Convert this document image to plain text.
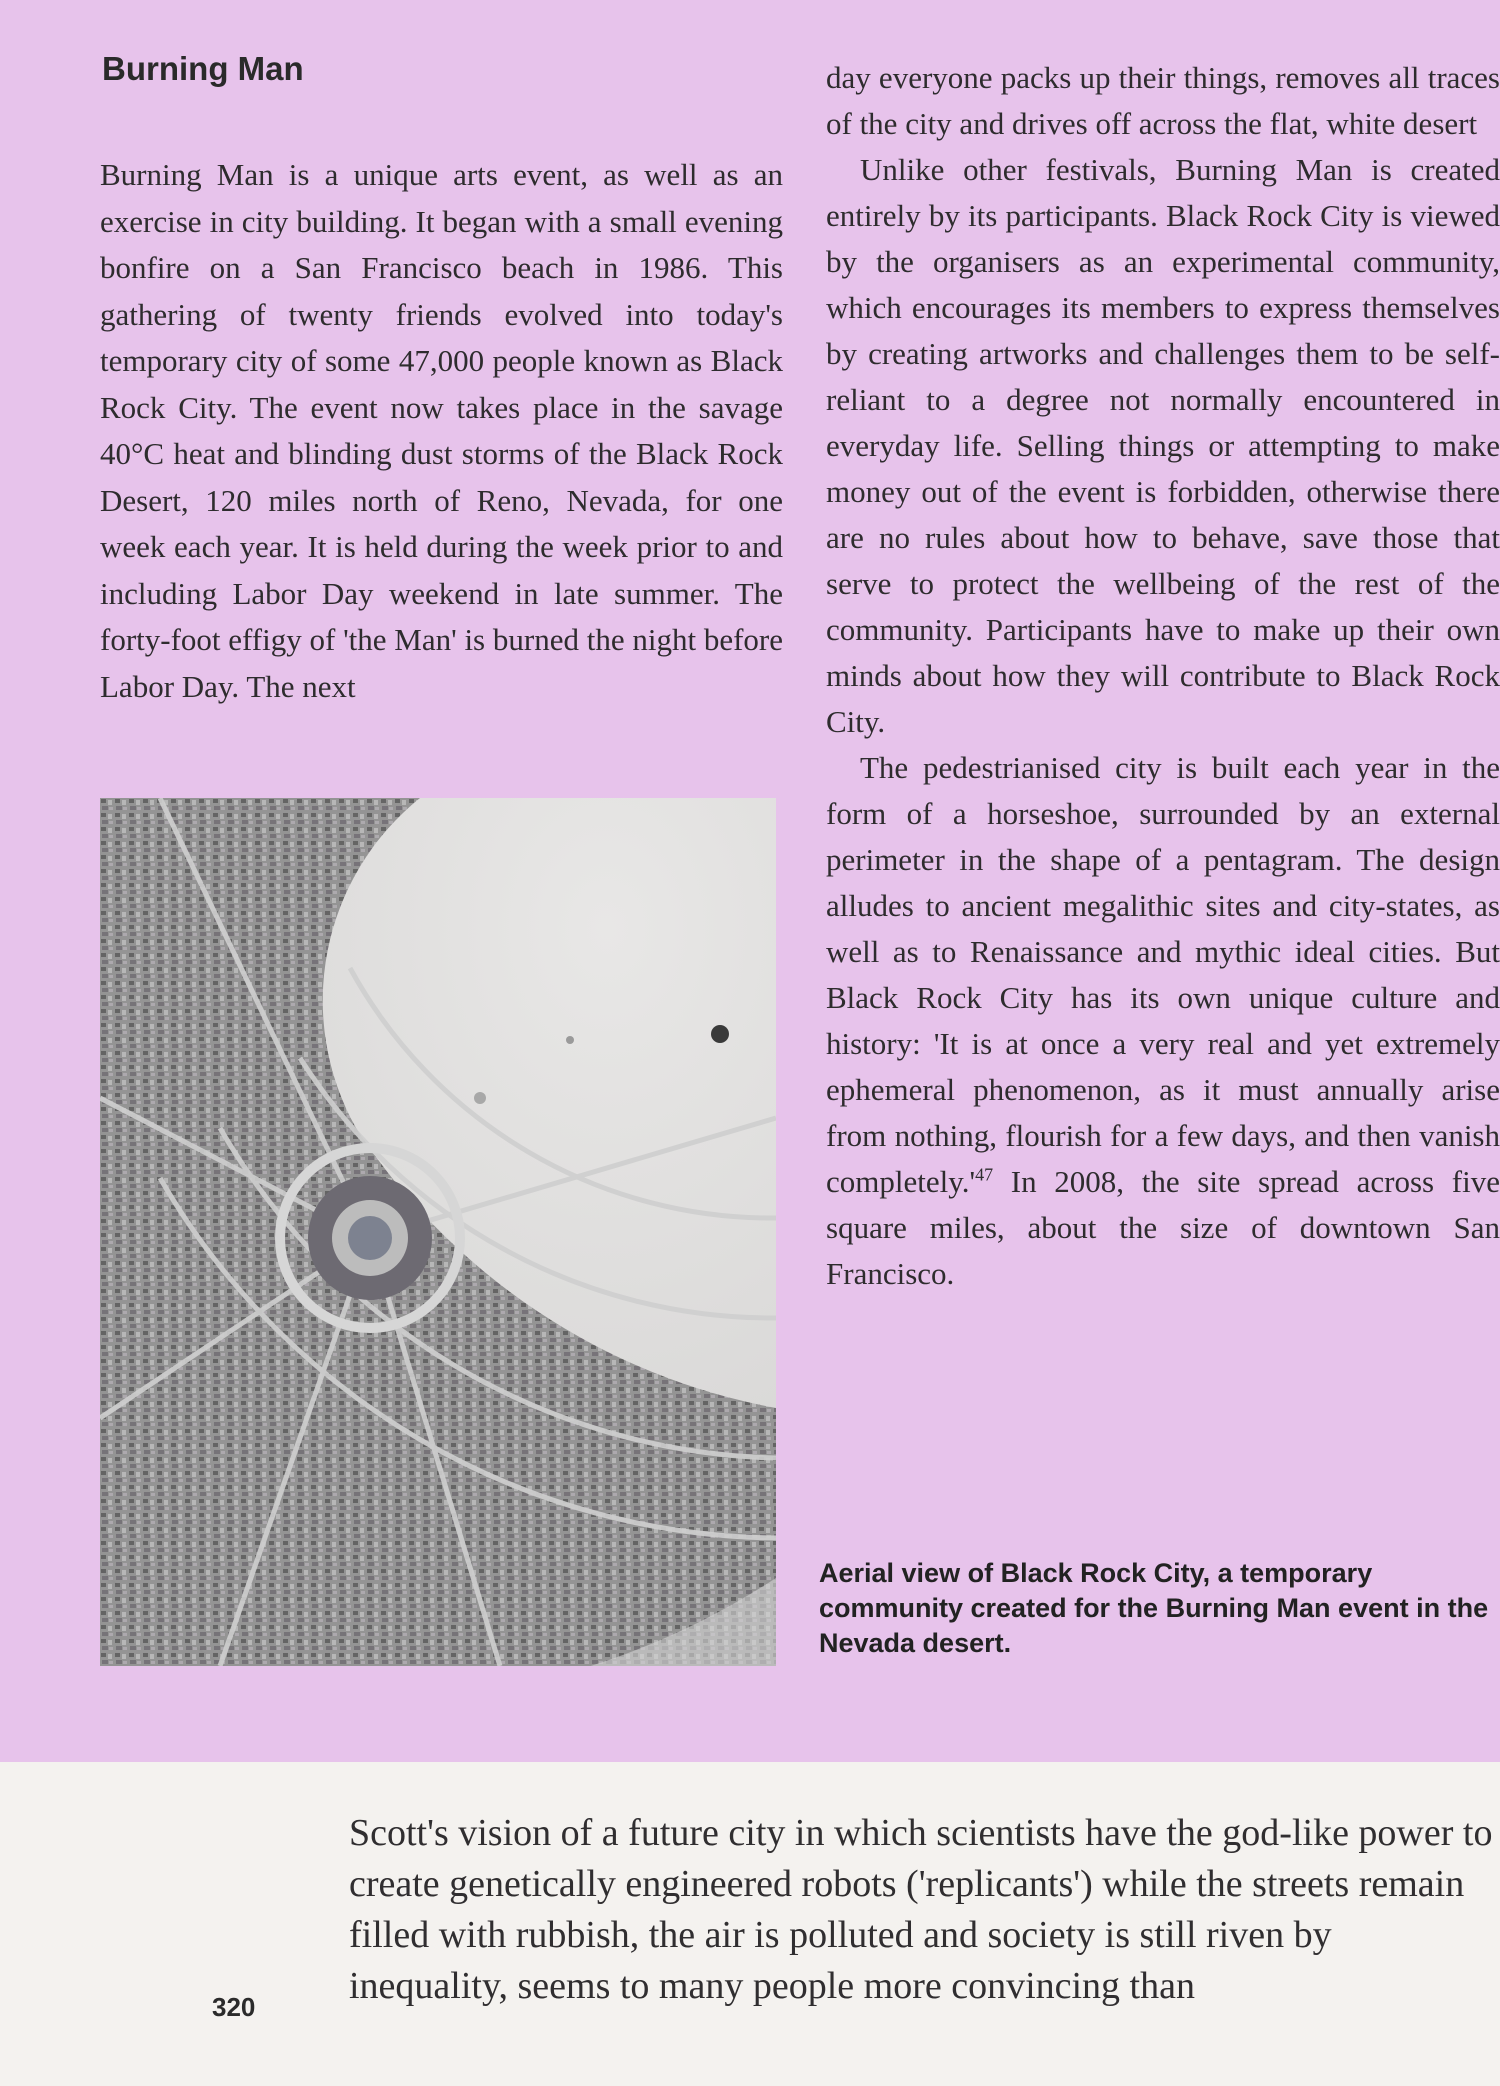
Burning Man

Burning Man is a unique arts event, as well as an exercise in city building. It began with a small evening bonfire on a San Francisco beach in 1986. This gathering of twenty friends evolved into today's temporary city of some 47,000 people known as Black Rock City. The event now takes place in the savage 40°C heat and blinding dust storms of the Black Rock Desert, 120 miles north of Reno, Nevada, for one week each year. It is held during the week prior to and including Labor Day weekend in late summer. The forty-foot effigy of 'the Man' is burned the night before Labor Day. The next

day everyone packs up their things, removes all traces of the city and drives off across the flat, white desert

Unlike other festivals, Burning Man is created entirely by its participants. Black Rock City is viewed by the organisers as an experimental community, which encourages its members to express themselves by creating artworks and challenges them to be self-reliant to a degree not normally encountered in everyday life. Selling things or attempting to make money out of the event is forbidden, otherwise there are no rules about how to behave, save those that serve to protect the wellbeing of the rest of the community. Participants have to make up their own minds about how they will contribute to Black Rock City.

The pedestrianised city is built each year in the form of a horseshoe, surrounded by an external perimeter in the shape of a pentagram. The design alludes to ancient megalithic sites and city-states, as well as to Renaissance and mythic ideal cities. But Black Rock City has its own unique culture and history: 'It is at once a very real and yet extremely ephemeral phenomenon, as it must annually arise from nothing, flourish for a few days, and then vanish completely.'$^{47}$ In 2008, the site spread across five square miles, about the size of downtown San Francisco.

Aerial view of Black Rock City, a temporary community created for the Burning Man event in the Nevada desert.

Scott's vision of a future city in which scientists have the god-like power to create genetically engineered robots ('replicants') while the streets remain filled with rubbish, the air is polluted and society is still riven by inequality, seems to many people more convincing than

320
